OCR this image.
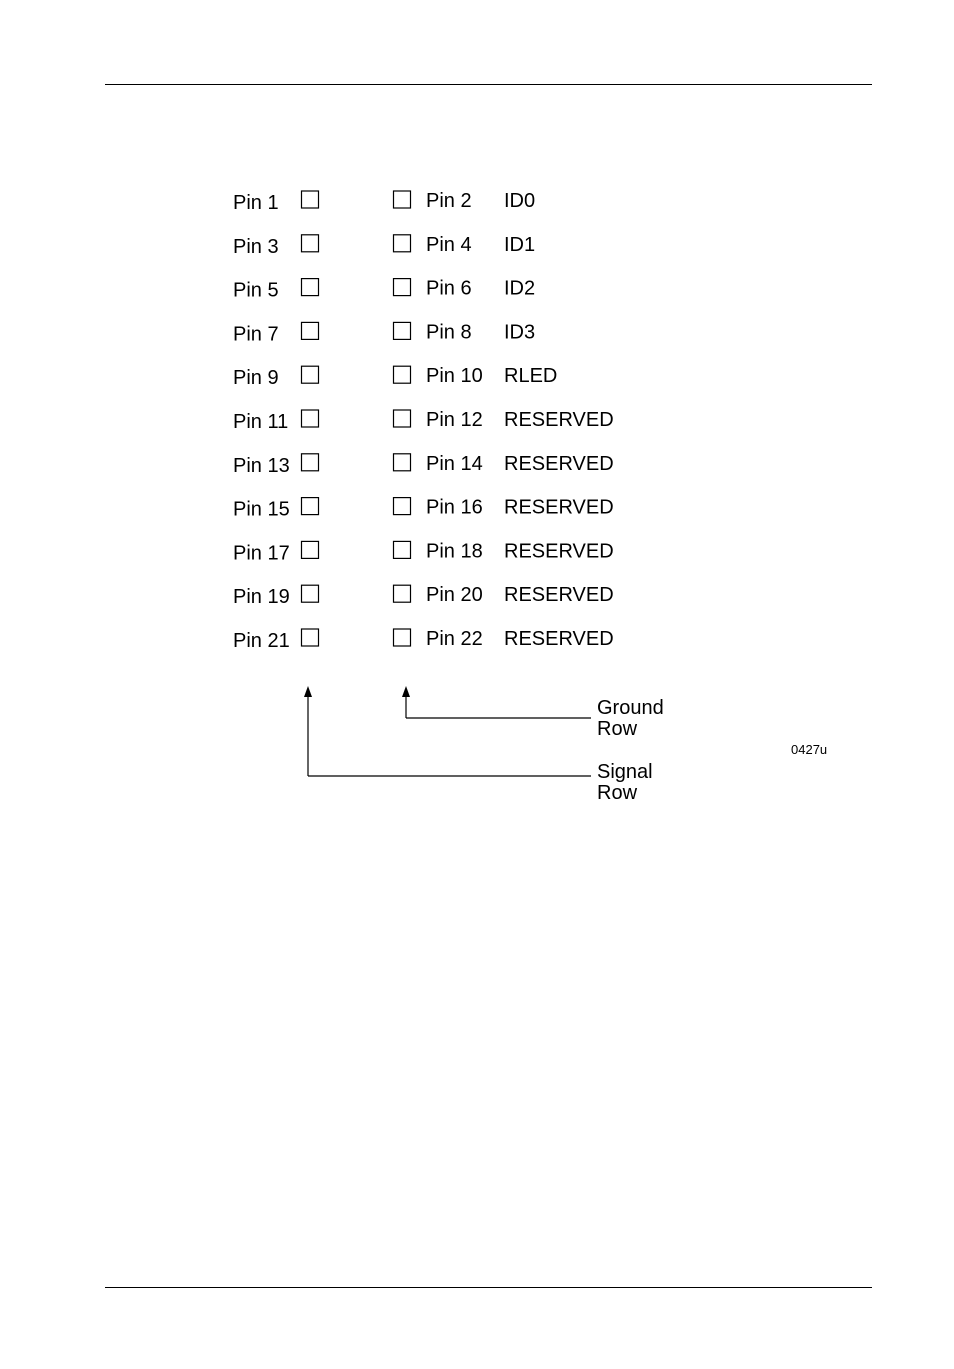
Pin 1	Pin 2 ID0
Pin 3	Pin 4 ID1
Pin 5	Pin 6 ID2
Pin 7	Pin 8 ID3
Pin 9	Pin 10 RLED
Pin 11	Pin 12 RESERVED
Pin 13	Pin 14 RESERVED
Pin 15	Pin 16 RESERVED
Pin 17	Pin 18 RESERVED
Pin 19	Pin 20 RESERVED
Pin 21	Pin 22 RESERVED
Ground
Row
Signal
Row
0427u
